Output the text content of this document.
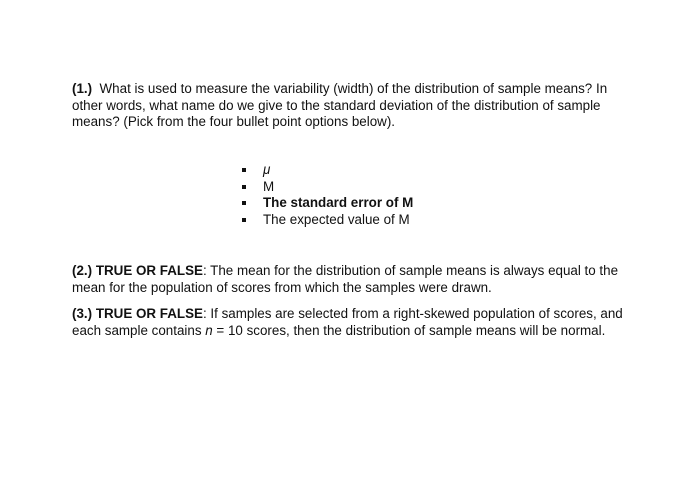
(1.) What is used to measure the variability (width) of the distribution of sample means? In other words, what name do we give to the standard deviation of the distribution of sample means? (Pick from the four bullet point options below).

μ
M
The standard error of M
The expected value of M

(2.) TRUE OR FALSE: The mean for the distribution of sample means is always equal to the mean for the population of scores from which the samples were drawn.

(3.) TRUE OR FALSE: If samples are selected from a right-skewed population of scores, and each sample contains n = 10 scores, then the distribution of sample means will be normal.
